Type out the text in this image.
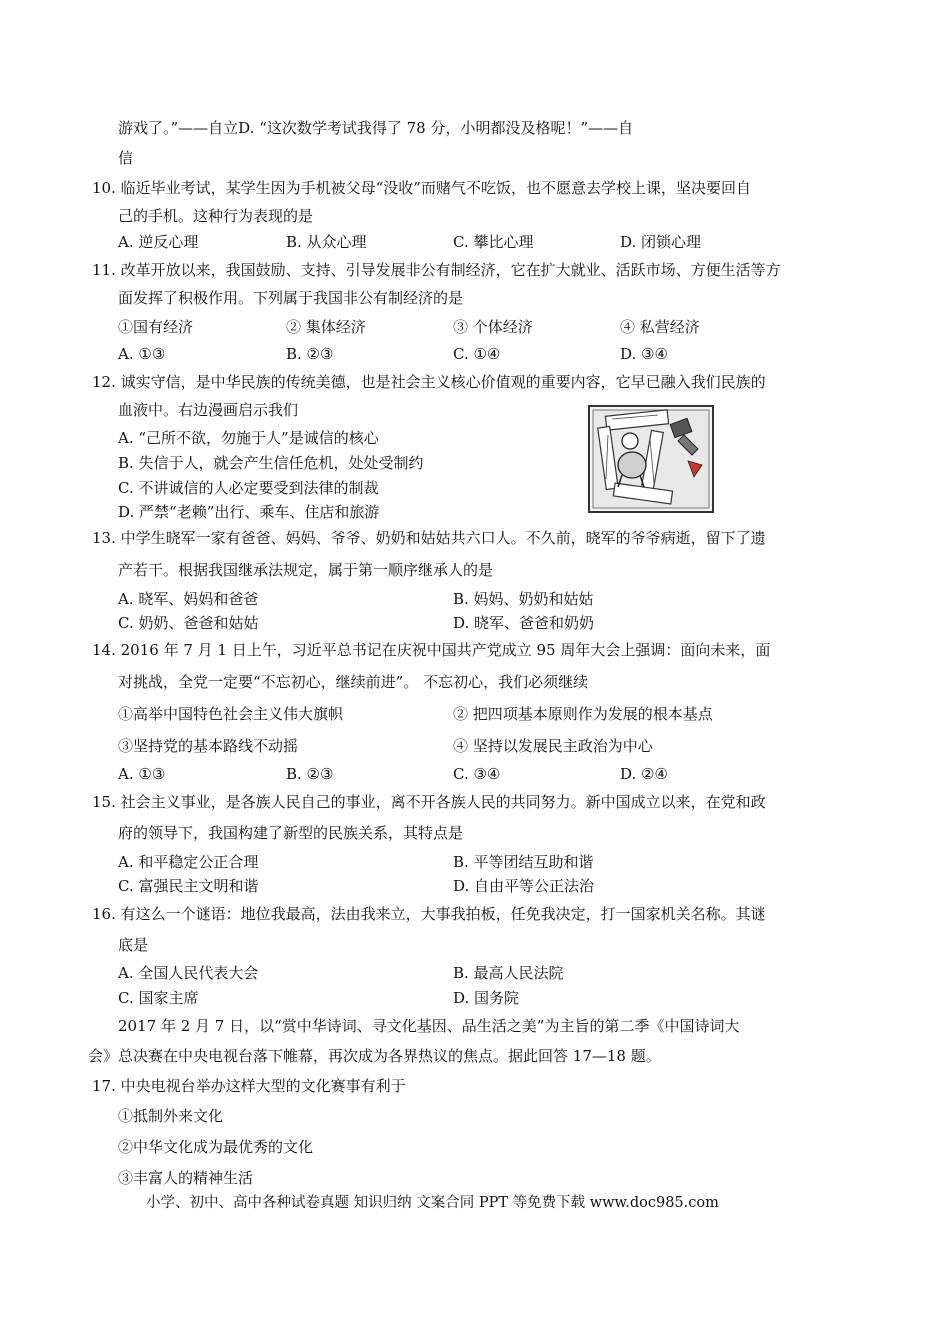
游戏了。”——自立D. “这次数学考试我得了 78 分，小明都没及格呢！”——自
信
10. 临近毕业考试，某学生因为手机被父母“没收”而赌气不吃饭，也不愿意去学校上课，坚决要回自
己的手机。这种行为表现的是
A. 逆反心理	B. 从众心理	C. 攀比心理	D. 闭锁心理
11. 改革开放以来，我国鼓励、支持、引导发展非公有制经济，它在扩大就业、活跃市场、方便生活等方
面发挥了积极作用。下列属于我国非公有制经济的是
①国有经济	② 集体经济	③ 个体经济	④ 私营经济
A. ①③	B. ②③	C. ①④	D. ③④
12. 诚实守信，是中华民族的传统美德，也是社会主义核心价值观的重要内容，它早已融入我们民族的
血液中。右边漫画启示我们
A. “己所不欲，勿施于人”是诚信的核心
B. 失信于人，就会产生信任危机，处处受制约
C. 不讲诚信的人必定要受到法律的制裁
D. 严禁“老赖”出行、乘车、住店和旅游
13. 中学生晓军一家有爸爸、妈妈、爷爷、奶奶和姑姑共六口人。不久前，晓军的爷爷病逝，留下了遗
产若干。根据我国继承法规定，属于第一顺序继承人的是
A. 晓军、妈妈和爸爸	B. 妈妈、奶奶和姑姑
C. 奶奶、爸爸和姑姑	D. 晓军、爸爸和奶奶
14. 2016 年 7 月 1 日上午，习近平总书记在庆祝中国共产党成立 95 周年大会上强调：面向未来，面
对挑战，全党一定要“不忘初心，继续前进”。 不忘初心，我们必须继续
①高举中国特色社会主义伟大旗帜	② 把四项基本原则作为发展的根本基点
③坚持党的基本路线不动摇	④ 坚持以发展民主政治为中心
A. ①③	B. ②③	C. ③④	D. ②④
15. 社会主义事业，是各族人民自己的事业，离不开各族人民的共同努力。新中国成立以来，在党和政
府的领导下，我国构建了新型的民族关系，其特点是
A. 和平稳定公正合理	B. 平等团结互助和谐
C. 富强民主文明和谐	D. 自由平等公正法治
16. 有这么一个谜语：地位我最高，法由我来立，大事我拍板，任免我决定，打一国家机关名称。其谜
底是
A. 全国人民代表大会	B. 最高人民法院
C. 国家主席	D. 国务院
2017 年 2 月 7 日，以“赏中华诗词、寻文化基因、品生活之美”为主旨的第二季《中国诗词大
会》总决赛在中央电视台落下帷幕，再次成为各界热议的焦点。据此回答 17—18 题。
17. 中央电视台举办这样大型的文化赛事有利于
①抵制外来文化
②中华文化成为最优秀的文化
③丰富人的精神生活
小学、初中、高中各种试卷真题 知识归纳 文案合同 PPT 等免费下载 www.doc985.com
